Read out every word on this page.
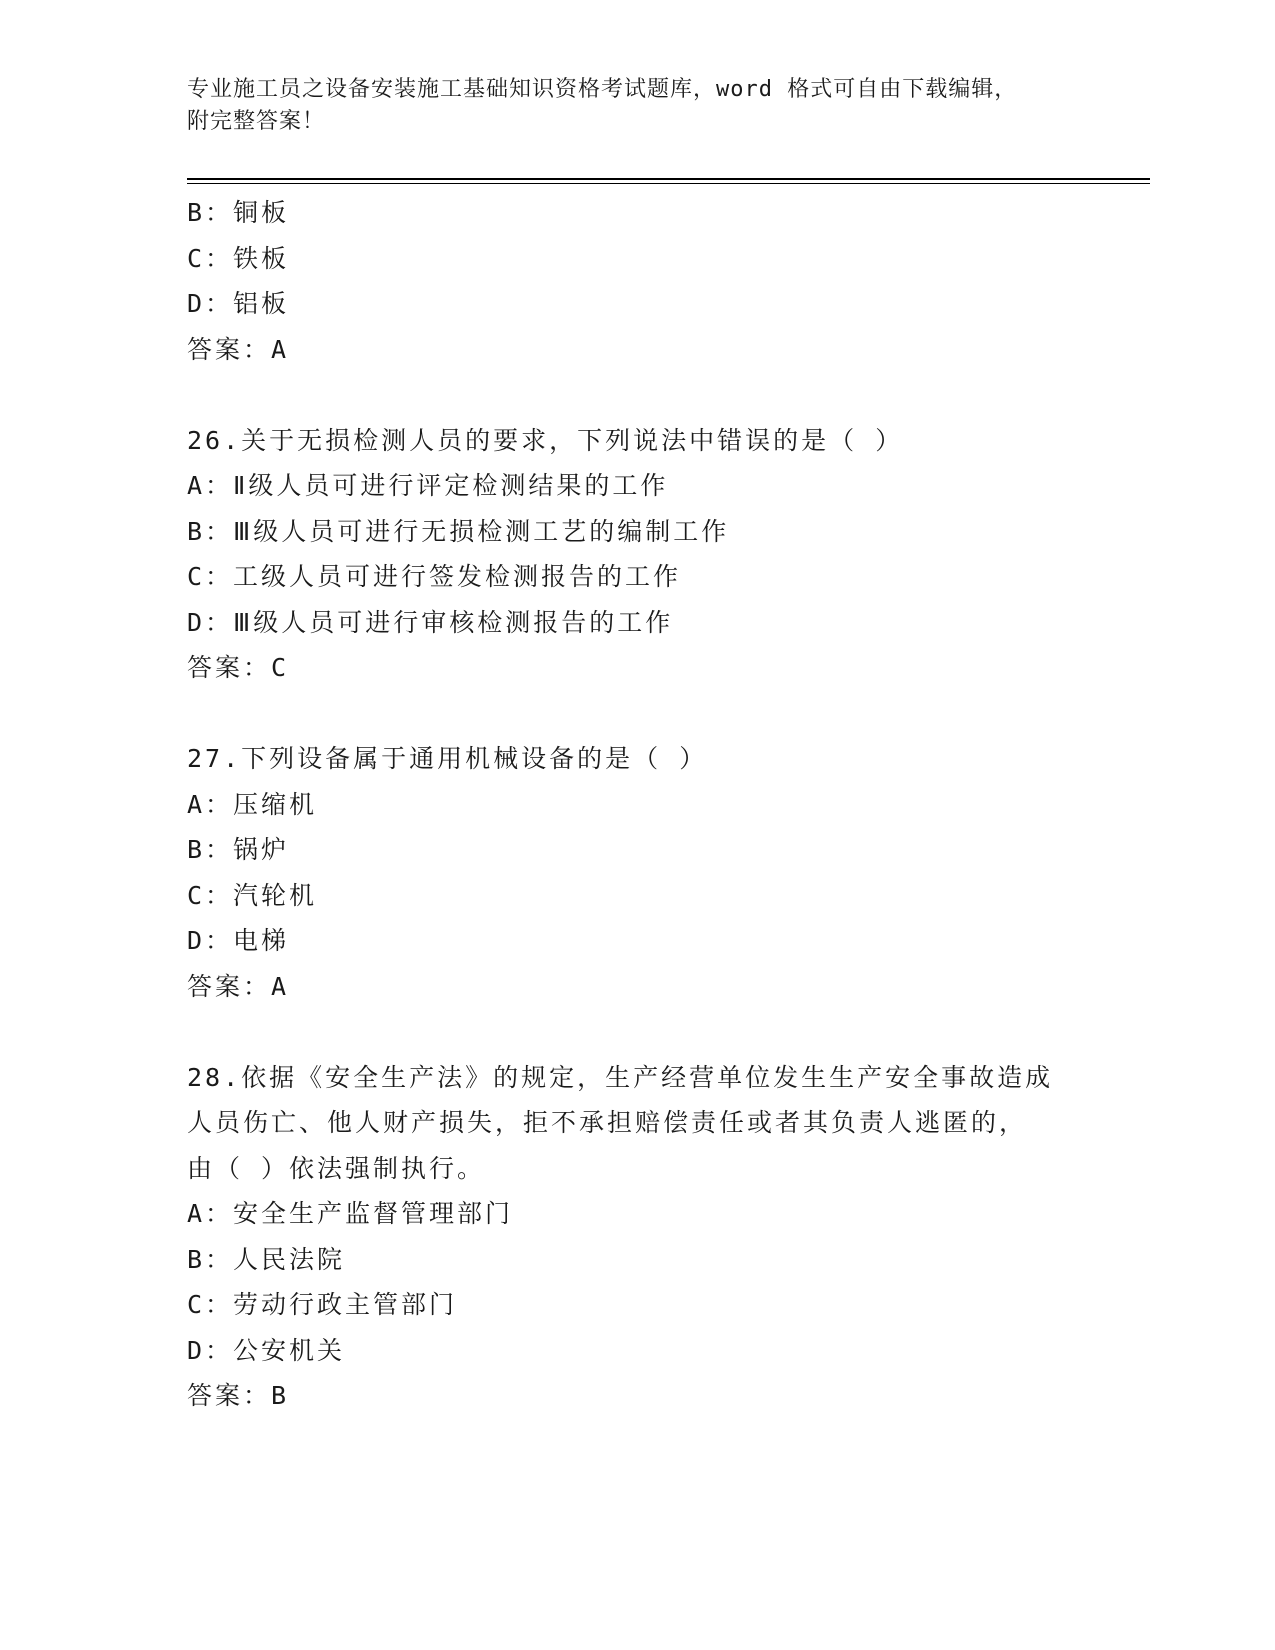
专业施工员之设备安装施工基础知识资格考试题库，word 格式可自由下载编辑，
附完整答案！
B：铜板
C：铁板
D：铝板
答案：A
26.关于无损检测人员的要求，下列说法中错误的是（ ）
A：Ⅱ级人员可进行评定检测结果的工作
B：Ⅲ级人员可进行无损检测工艺的编制工作
C：工级人员可进行签发检测报告的工作
D：Ⅲ级人员可进行审核检测报告的工作
答案：C
27.下列设备属于通用机械设备的是（ ）
A：压缩机
B：锅炉
C：汽轮机
D：电梯
答案：A
28.依据《安全生产法》的规定，生产经营单位发生生产安全事故造成
人员伤亡、他人财产损失，拒不承担赔偿责任或者其负责人逃匿的，
由（ ）依法强制执行。
A：安全生产监督管理部门
B：人民法院
C：劳动行政主管部门
D：公安机关
答案：B
